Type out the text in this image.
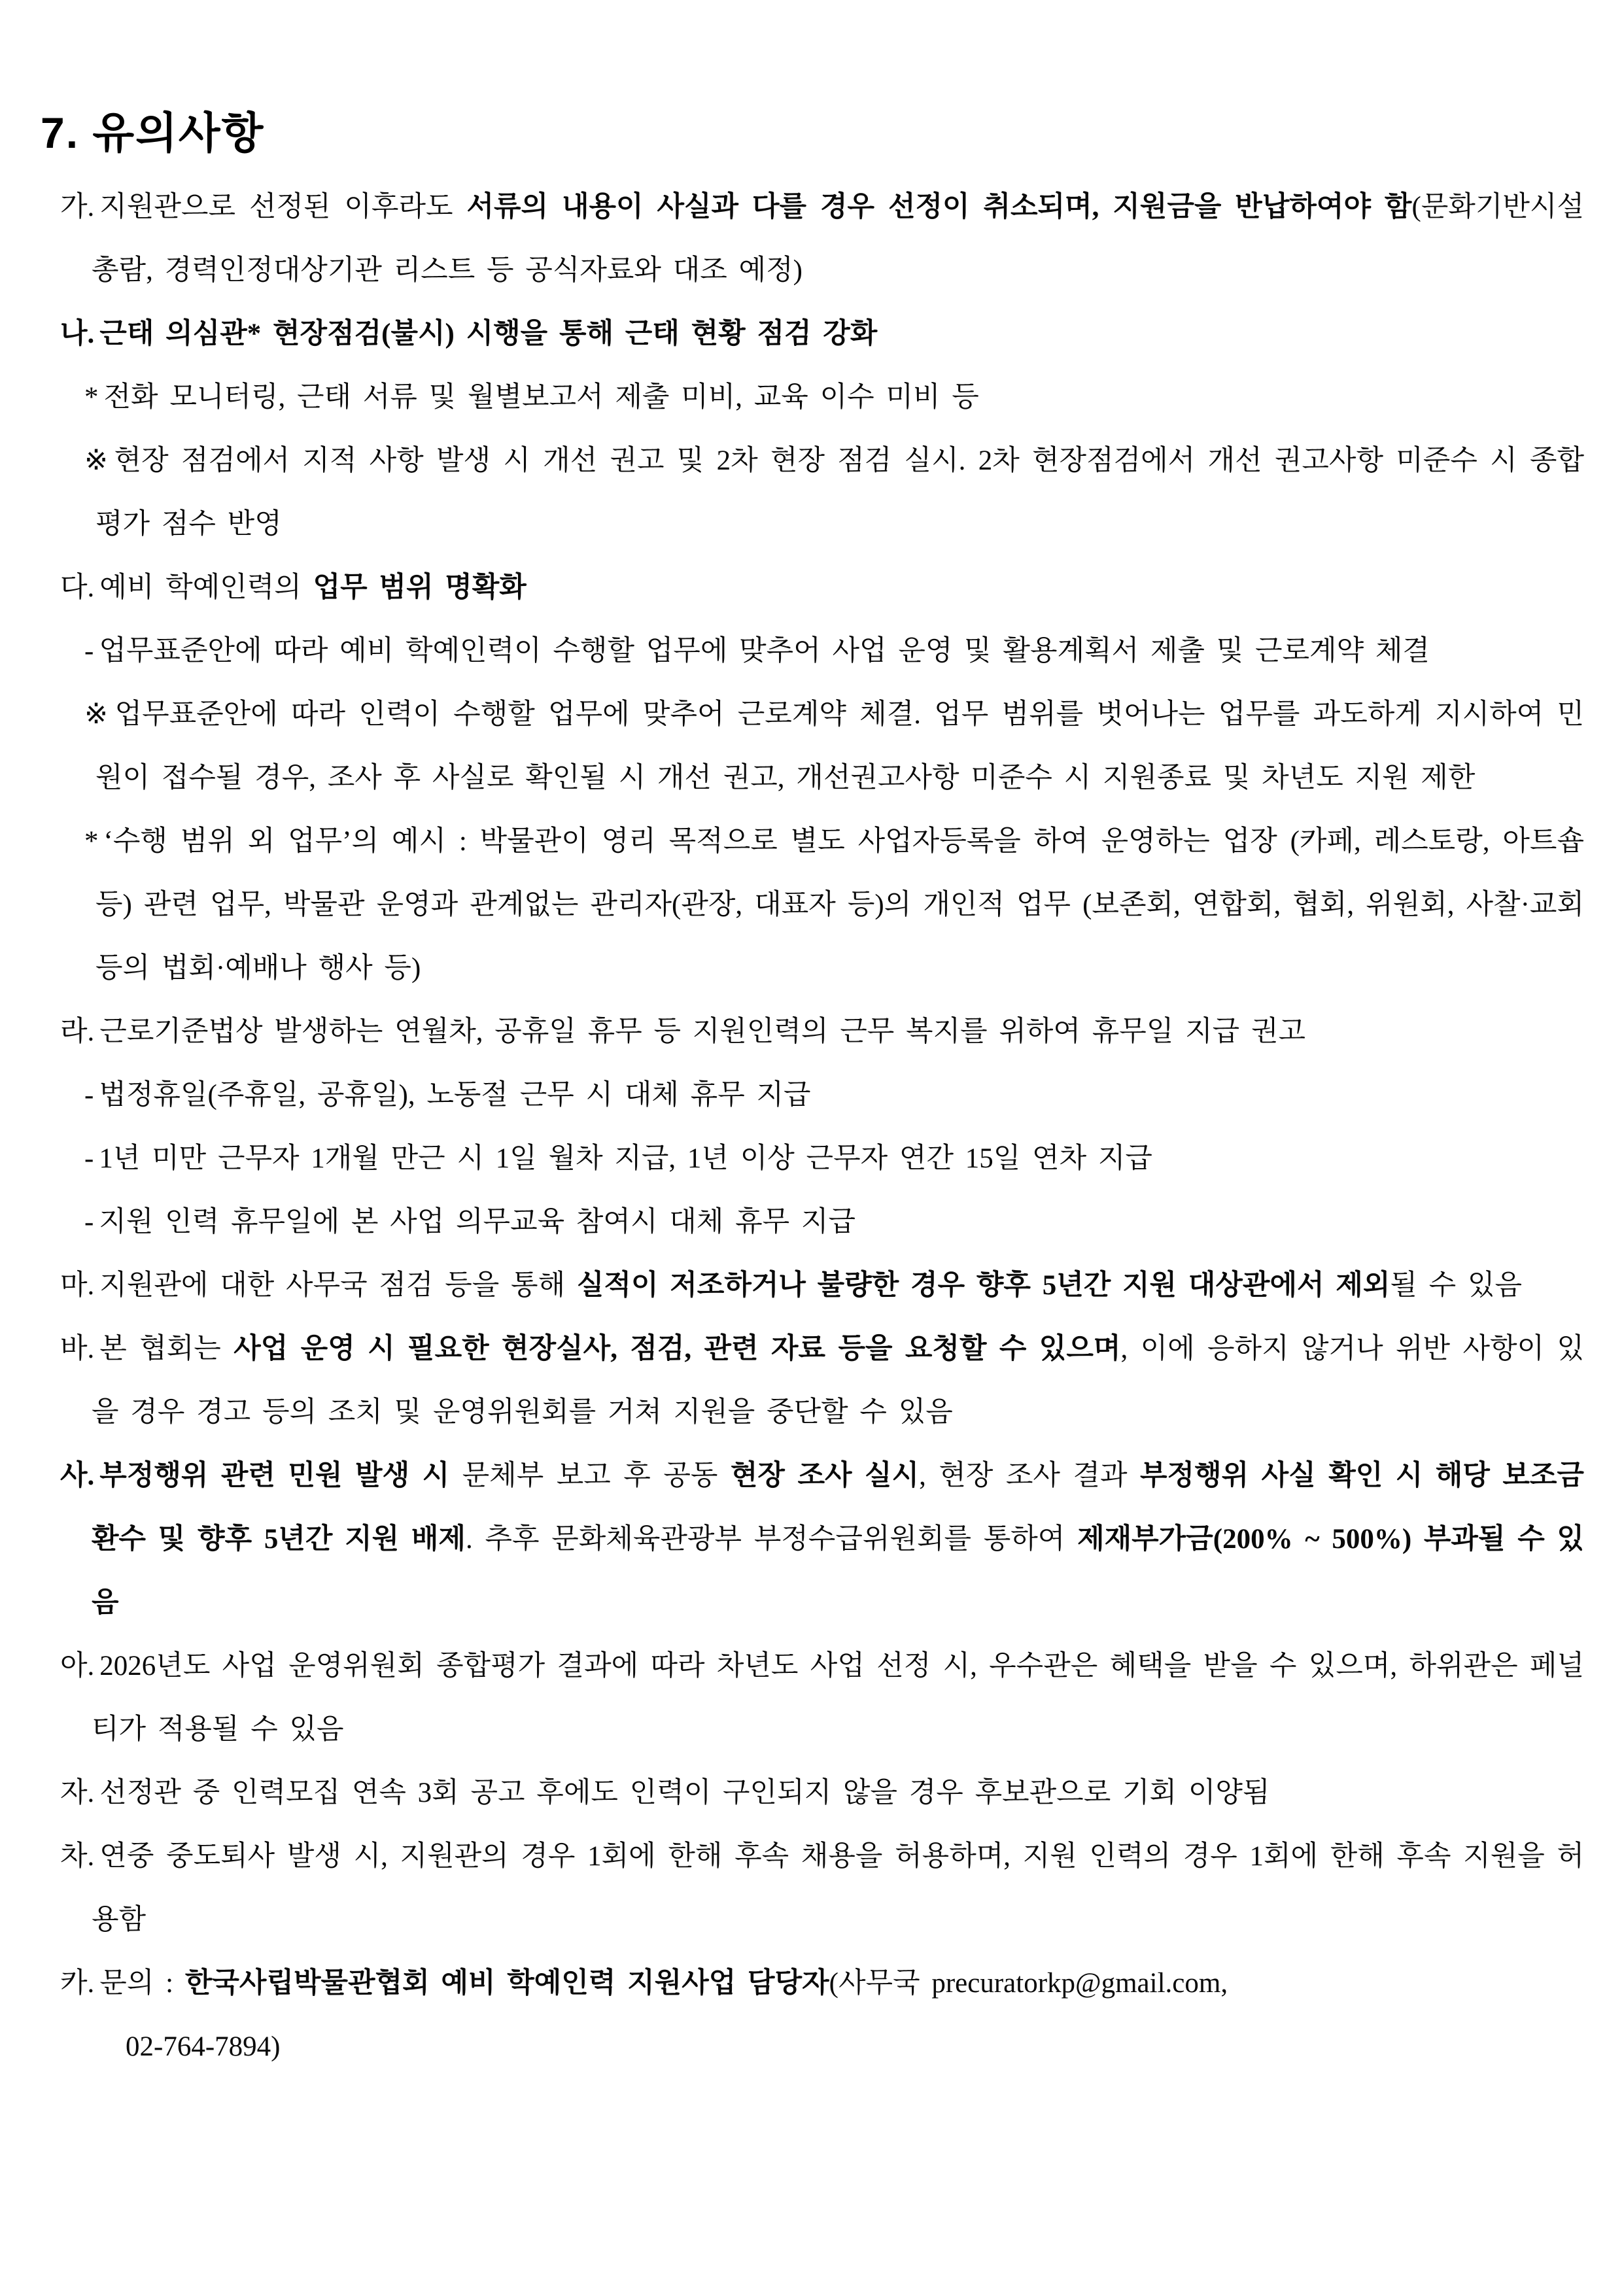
7. 유의사항

가. 지원관으로 선정된 이후라도 서류의 내용이 사실과 다를 경우 선정이 취소되며, 지원금을 반납하여야 함(문화기반시설총람, 경력인정대상기관 리스트 등 공식자료와 대조 예정)

나. 근태 의심관* 현장점검(불시) 시행을 통해 근태 현황 점검 강화

* 전화 모니터링, 근태 서류 및 월별보고서 제출 미비, 교육 이수 미비 등

※ 현장 점검에서 지적 사항 발생 시 개선 권고 및 2차 현장 점검 실시. 2차 현장점검에서 개선 권고사항 미준수 시 종합 평가 점수 반영

다. 예비 학예인력의 업무 범위 명확화

- 업무표준안에 따라 예비 학예인력이 수행할 업무에 맞추어 사업 운영 및 활용계획서 제출 및 근로계약 체결

※ 업무표준안에 따라 인력이 수행할 업무에 맞추어 근로계약 체결. 업무 범위를 벗어나는 업무를 과도하게 지시하여 민원이 접수될 경우, 조사 후 사실로 확인될 시 개선 권고, 개선권고사항 미준수 시 지원종료 및 차년도 지원 제한

* ‘수행 범위 외 업무’의 예시 : 박물관이 영리 목적으로 별도 사업자등록을 하여 운영하는 업장 (카페, 레스토랑, 아트숍 등) 관련 업무, 박물관 운영과 관계없는 관리자(관장, 대표자 등)의 개인적 업무 (보존회, 연합회, 협회, 위원회, 사찰·교회 등의 법회·예배나 행사 등)

라. 근로기준법상 발생하는 연월차, 공휴일 휴무 등 지원인력의 근무 복지를 위하여 휴무일 지급 권고

- 법정휴일(주휴일, 공휴일), 노동절 근무 시 대체 휴무 지급

- 1년 미만 근무자 1개월 만근 시 1일 월차 지급, 1년 이상 근무자 연간 15일 연차 지급

- 지원 인력 휴무일에 본 사업 의무교육 참여시 대체 휴무 지급

마. 지원관에 대한 사무국 점검 등을 통해 실적이 저조하거나 불량한 경우 향후 5년간 지원 대상관에서 제외될 수 있음

바. 본 협회는 사업 운영 시 필요한 현장실사, 점검, 관련 자료 등을 요청할 수 있으며, 이에 응하지 않거나 위반 사항이 있을 경우 경고 등의 조치 및 운영위원회를 거쳐 지원을 중단할 수 있음

사. 부정행위 관련 민원 발생 시 문체부 보고 후 공동 현장 조사 실시, 현장 조사 결과 부정행위 사실 확인 시 해당 보조금 환수 및 향후 5년간 지원 배제. 추후 문화체육관광부 부정수급위원회를 통하여 제재부가금(200% ~ 500%) 부과될 수 있음

아. 2026년도 사업 운영위원회 종합평가 결과에 따라 차년도 사업 선정 시, 우수관은 혜택을 받을 수 있으며, 하위관은 페널티가 적용될 수 있음

자. 선정관 중 인력모집 연속 3회 공고 후에도 인력이 구인되지 않을 경우 후보관으로 기회 이양됨

차. 연중 중도퇴사 발생 시, 지원관의 경우 1회에 한해 후속 채용을 허용하며, 지원 인력의 경우 1회에 한해 후속 지원을 허용함

카. 문의 : 한국사립박물관협회 예비 학예인력 지원사업 담당자(사무국 precuratorkp@gmail.com,

02-764-7894)
